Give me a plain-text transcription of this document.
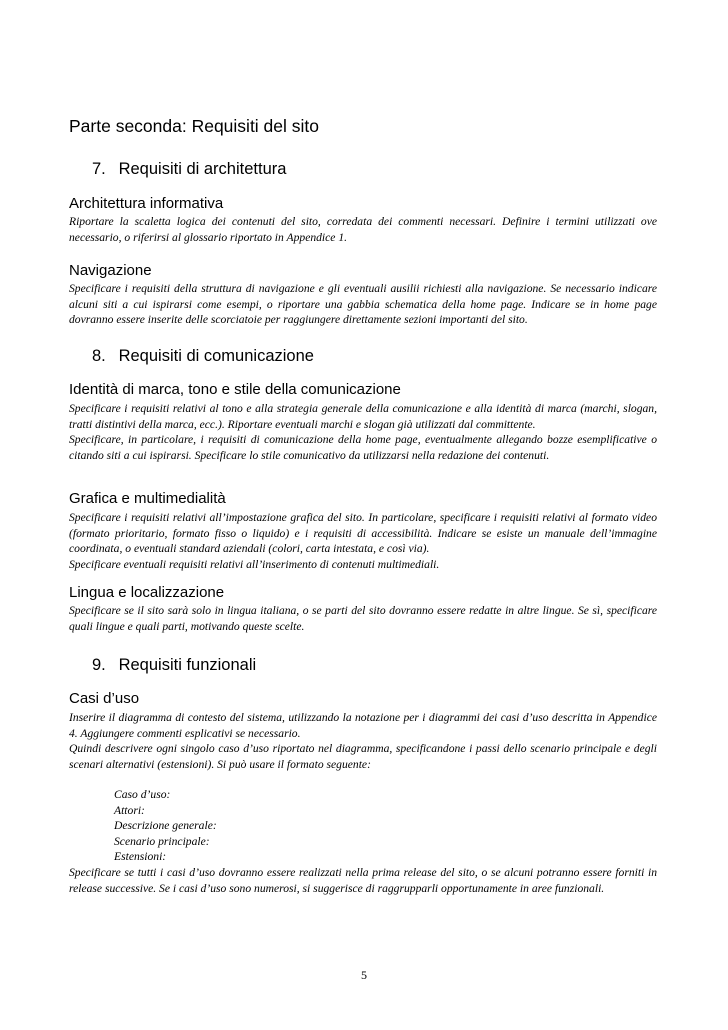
Parte seconda: Requisiti del sito
7. Requisiti di architettura
Architettura informativa

Riportare la scaletta logica dei contenuti del sito, corredata dei commenti necessari. Definire i termini utilizzati ove necessario, o riferirsi al glossario riportato in Appendice 1.

Navigazione

Specificare i requisiti della struttura di navigazione e gli eventuali ausilii richiesti alla navigazione. Se necessario indicare alcuni siti a cui ispirarsi come esempi, o riportare una gabbia schematica della home page. Indicare se in home page dovranno essere inserite delle scorciatoie per raggiungere direttamente sezioni importanti del sito.

8. Requisiti di comunicazione
Identità di marca, tono e stile della comunicazione

Specificare i requisiti relativi al tono e alla strategia generale della comunicazione e alla identità di marca (marchi, slogan, tratti distintivi della marca, ecc.). Riportare eventuali marchi e slogan già utilizzati dal committente.

Specificare, in particolare, i requisiti di comunicazione della home page, eventualmente allegando bozze esemplificative o citando siti a cui ispirarsi. Specificare lo stile comunicativo da utilizzarsi nella redazione dei contenuti.

Grafica e multimedialità

Specificare i requisiti relativi all’impostazione grafica del sito. In particolare, specificare i requisiti relativi al formato video (formato prioritario, formato fisso o liquido) e i requisiti di accessibilità. Indicare se esiste un manuale dell’immagine coordinata, o eventuali standard aziendali (colori, carta intestata, e così via).

Specificare eventuali requisiti relativi all’inserimento di contenuti multimediali.

Lingua e localizzazione

Specificare se il sito sarà solo in lingua italiana, o se parti del sito dovranno essere redatte in altre lingue. Se sì, specificare quali lingue e quali parti, motivando queste scelte.

9. Requisiti funzionali
Casi d’uso

Inserire il diagramma di contesto del sistema, utilizzando la notazione per i diagrammi dei casi d’uso descritta in Appendice 4. Aggiungere commenti esplicativi se necessario.

Quindi descrivere ogni singolo caso d’uso riportato nel diagramma, specificandone i passi dello scenario principale e degli scenari alternativi (estensioni). Si può usare il formato seguente:

Caso d’uso:
Attori:
Descrizione generale:
Scenario principale:
Estensioni:

Specificare se tutti i casi d’uso dovranno essere realizzati nella prima release del sito, o se alcuni potranno essere forniti in release successive. Se i casi d’uso sono numerosi, si suggerisce di raggrupparli opportunamente in aree funzionali.

5
